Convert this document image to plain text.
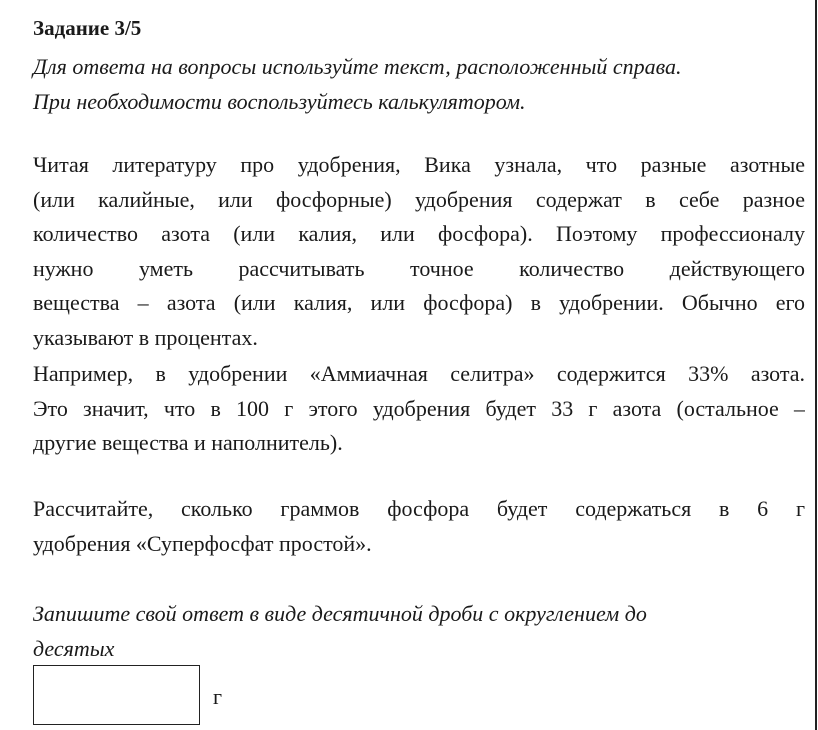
Задание 3/5
Для ответа на вопросы используйте текст, расположенный справа.
При необходимости воспользуйтесь калькулятором.
Читая литературу про удобрения, Вика узнала, что разные азотные
(или калийные, или фосфорные) удобрения содержат в себе разное
количество азота (или калия, или фосфора). Поэтому профессионалу
нужно уметь рассчитывать точное количество действующего
вещества – азота (или калия, или фосфора) в удобрении. Обычно его
указывают в процентах.
Например, в удобрении «Аммиачная селитра» содержится 33% азота.
Это значит, что в 100 г этого удобрения будет 33 г азота (остальное –
другие вещества и наполнитель).
Рассчитайте, сколько граммов фосфора будет содержаться в 6 г
удобрения «Суперфосфат простой».
Запишите свой ответ в виде десятичной дроби с округлением до
десятых
г
